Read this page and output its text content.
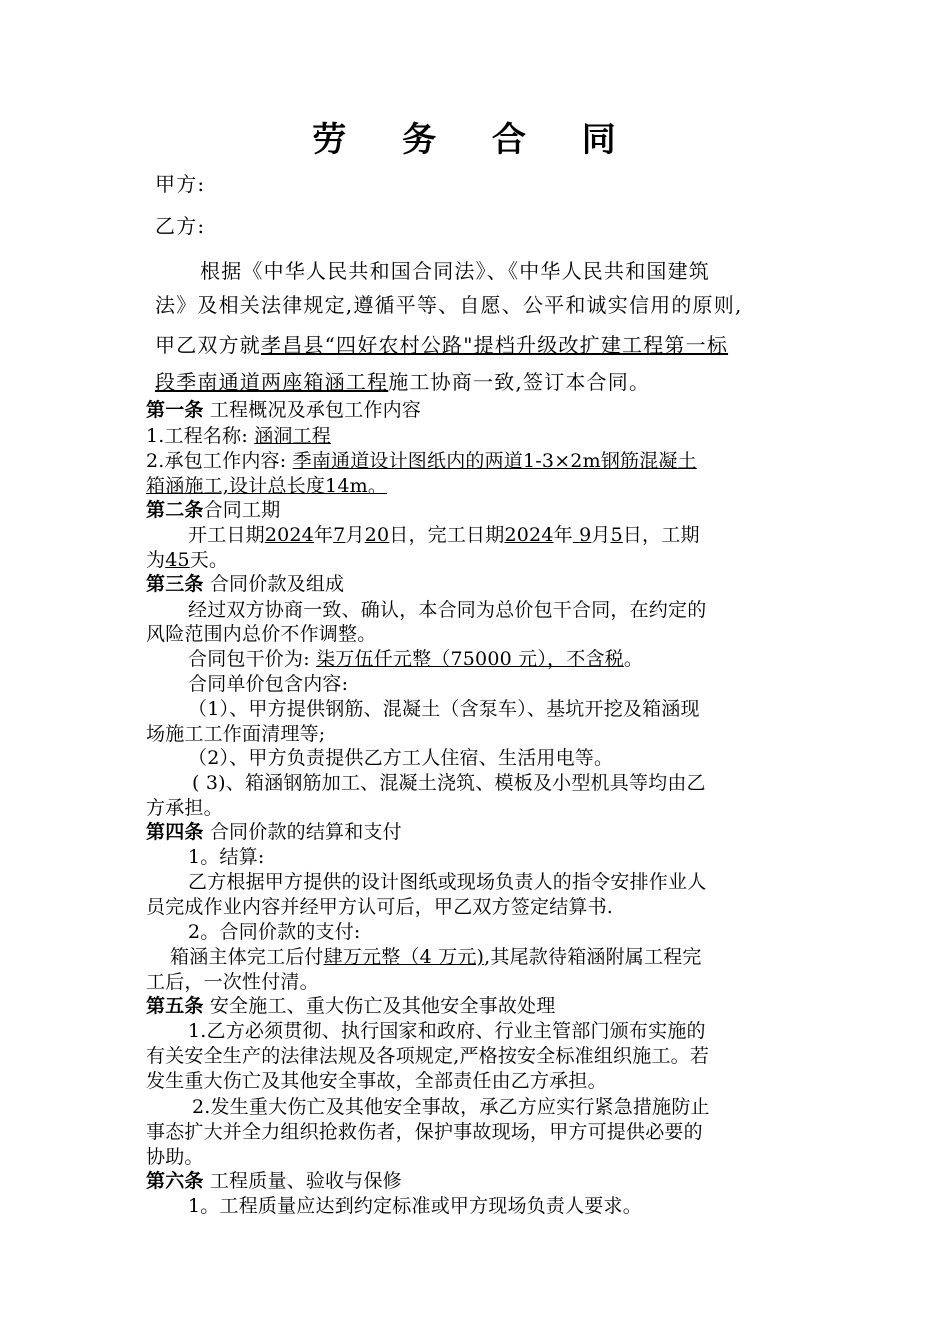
劳 务 合 同
甲方:
乙方:
根据《中华人民共和国合同法》、《中华人民共和国建筑
法》及相关法律规定,遵循平等、自愿、公平和诚实信用的原则,
甲乙双方就孝昌县“四好农村公路"提档升级改扩建工程第一标
段季南通道两座箱涵工程施工协商一致,签订本合同。
第一条 工程概况及承包工作内容
1.工程名称: 涵洞工程
2.承包工作内容: 季南通道设计图纸内的两道1-3×2m钢筋混凝土
箱涵施工,设计总长度14m。
第二条合同工期
开工日期2024年7月20日，完工日期2024年 9月5日，工期
为45天。
第三条 合同价款及组成
经过双方协商一致、确认，本合同为总价包干合同，在约定的
风险范围内总价不作调整。
合同包干价为: 柒万伍仟元整（75000 元），不含税。
合同单价包含内容:
（1）、甲方提供钢筋、混凝土（含泵车）、基坑开挖及箱涵现
场施工工作面清理等;
（2）、甲方负责提供乙方工人住宿、生活用电等。
( 3)、箱涵钢筋加工、混凝土浇筑、模板及小型机具等均由乙
方承担。
第四条 合同价款的结算和支付
1。结算:
乙方根据甲方提供的设计图纸或现场负责人的指令安排作业人
员完成作业内容并经甲方认可后，甲乙双方签定结算书.
2。合同价款的支付:
箱涵主体完工后付肆万元整（4 万元),其尾款待箱涵附属工程完
工后，一次性付清。
第五条 安全施工、重大伤亡及其他安全事故处理
1.乙方必须贯彻、执行国家和政府、行业主管部门颁布实施的
有关安全生产的法律法规及各项规定,严格按安全标准组织施工。若
发生重大伤亡及其他安全事故，全部责任由乙方承担。
2.发生重大伤亡及其他安全事故，承乙方应实行紧急措施防止
事态扩大并全力组织抢救伤者，保护事故现场，甲方可提供必要的
协助。
第六条 工程质量、验收与保修
1。工程质量应达到约定标准或甲方现场负责人要求。
